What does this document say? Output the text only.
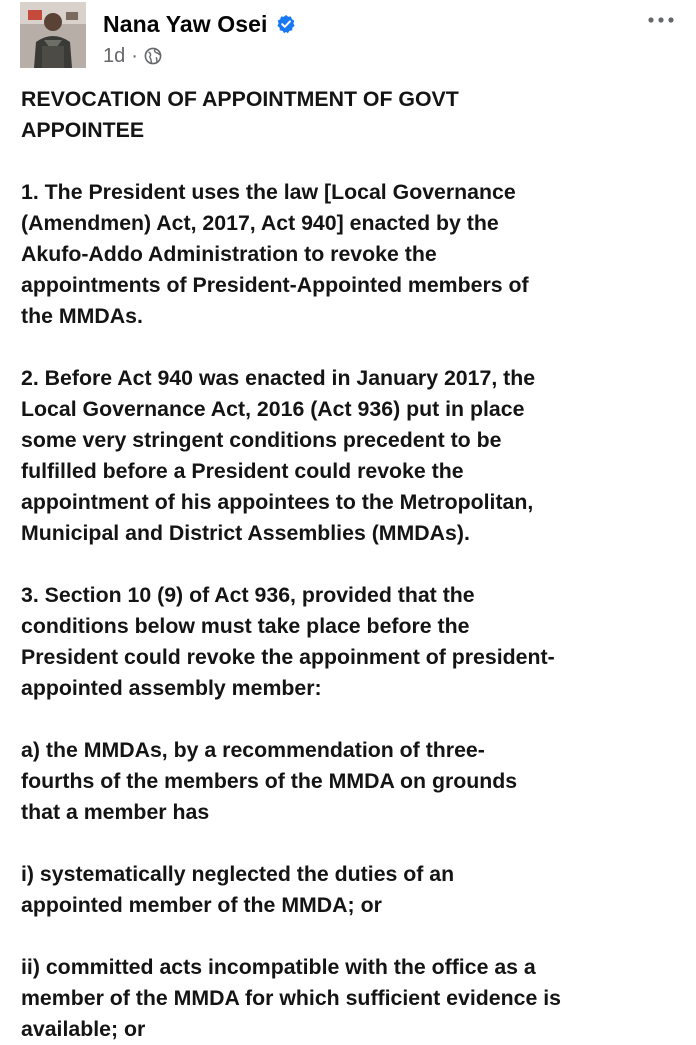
Nana Yaw Osei
1d ·
REVOCATION OF APPOINTMENT OF GOVT
APPOINTEE
1. The President uses the law [Local Governance
(Amendmen) Act, 2017, Act 940] enacted by the
Akufo-Addo Administration to revoke the
appointments of President-Appointed members of
the MMDAs.
2. Before Act 940 was enacted in January 2017, the
Local Governance Act, 2016 (Act 936) put in place
some very stringent conditions precedent to be
fulfilled before a President could revoke the
appointment of his appointees to the Metropolitan,
Municipal and District Assemblies (MMDAs).
3. Section 10 (9) of Act 936, provided that the
conditions below must take place before the
President could revoke the appoinment of president-
appointed assembly member:
a) the MMDAs, by a recommendation of three-
fourths of the members of the MMDA on grounds
that a member has
i) systematically neglected the duties of an
appointed member of the MMDA; or
ii) committed acts incompatible with the office as a
member of the MMDA for which sufficient evidence is
available; or
